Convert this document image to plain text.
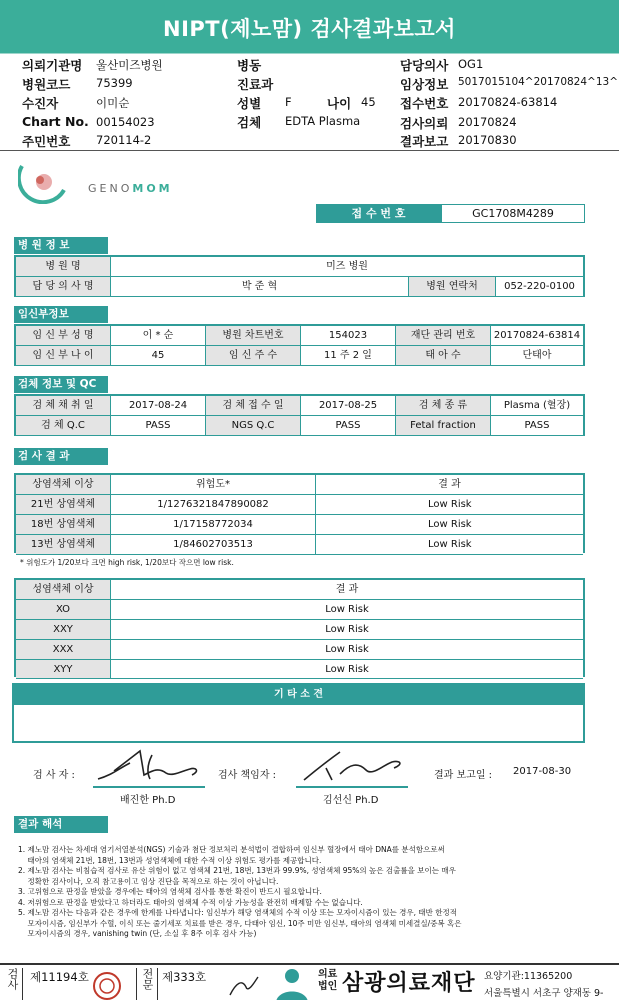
NIPT(제노맘) 검사결과보고서
의뢰기관명 울산미즈병원
병원코드 75399
수진자	이미순
Chart No. 00154023
주민번호 720114-2
병동
진료과
성별 F	나이 45
검체 EDTA Plasma
담당의사 OG1
임상정보 5017015104^20170824^13^
접수번호 20170824-63814
검사의뢰 20170824
결과보고 20170830
GENOMOM
접 수 번 호	GC1708M4289
병 원 정 보
병 원 명	미즈 병원
담 당 의 사 명	박 준 혁	병원 연락처	052-220-0100
임신부정보
임 신 부 성 명	이 * 순	병원 차트번호	154023	재단 관리 번호	20170824-63814
임 신 부 나 이	45	임 신 주 수	11 주 2 일	태 아 수	단태아
검체 정보 및 QC
검 체 채 취 일	2017-08-24	검 체 접 수 일	2017-08-25	검 체 종 류	Plasma (혈장)
검 체 Q.C	PASS	NGS Q.C	PASS	Fetal fraction	PASS
검 사 결 과
상염색체 이상	위험도*	결 과
21번 상염색체	1/1276321847890082	Low Risk
18번 상염색체	1/17158772034	Low Risk
13번 상염색체	1/84602703513	Low Risk
* 위험도가 1/20보다 크면 high risk, 1/20보다 작으면 low risk.
성염색체 이상	결 과
XO	Low Risk
XXY	Low Risk
XXX	Low Risk
XYY	Low Risk
기 타 소 견
검 사 자 :
배진한 Ph.D
검사 책임자 :
김선신 Ph.D
결과 보고일 : 2017-08-30
결과 해석
1. 제노맘 검사는 차세대 염기서열분석(NGS) 기술과 첨단 정보처리 분석법이 결합하여 임신부 혈장에서 태아 DNA를 분석함으로써
태아의 염색체 21번, 18번, 13번과 성염색체에 대한 수적 이상 위험도 평가를 제공합니다.
2. 제노맘 검사는 비침습적 검사로 유산 위험이 없고 염색체 21번, 18번, 13번과 99.9%, 성염색체 95%의 높은 검출률을 보이는 매우
정확한 검사이나, 오직 참고용이고 임상 진단을 목적으로 하는 것이 아닙니다.
3. 고위험으로 판정을 받았을 경우에는 태아의 염색체 검사를 통한 확진이 반드시 필요합니다.
4. 저위험으로 판정을 받았다고 하더라도 태아의 염색체 수적 이상 가능성을 완전히 배제할 수는 없습니다.
5. 제노맘 검사는 다음과 같은 경우에 한계를 나타냅니다: 임신부가 해당 염색체의 수적 이상 또는 모자이시즘이 있는 경우, 태반 한정적
모자이시즘, 임신부가 수혈, 이식 또는 줄기세포 치료를 받은 경우, 다태아 임신, 10주 미만 임신부, 태아의 염색체 미세결실/중복 혹은
모자이시즘의 경우, vanishing twin (단, 소실 후 8주 이후 검사 가능)
검사 제11194호	전문 제333호	의료
법인 삼광의료재단 요양기관:11365200
서울특별시 서초구 양재동 9-
